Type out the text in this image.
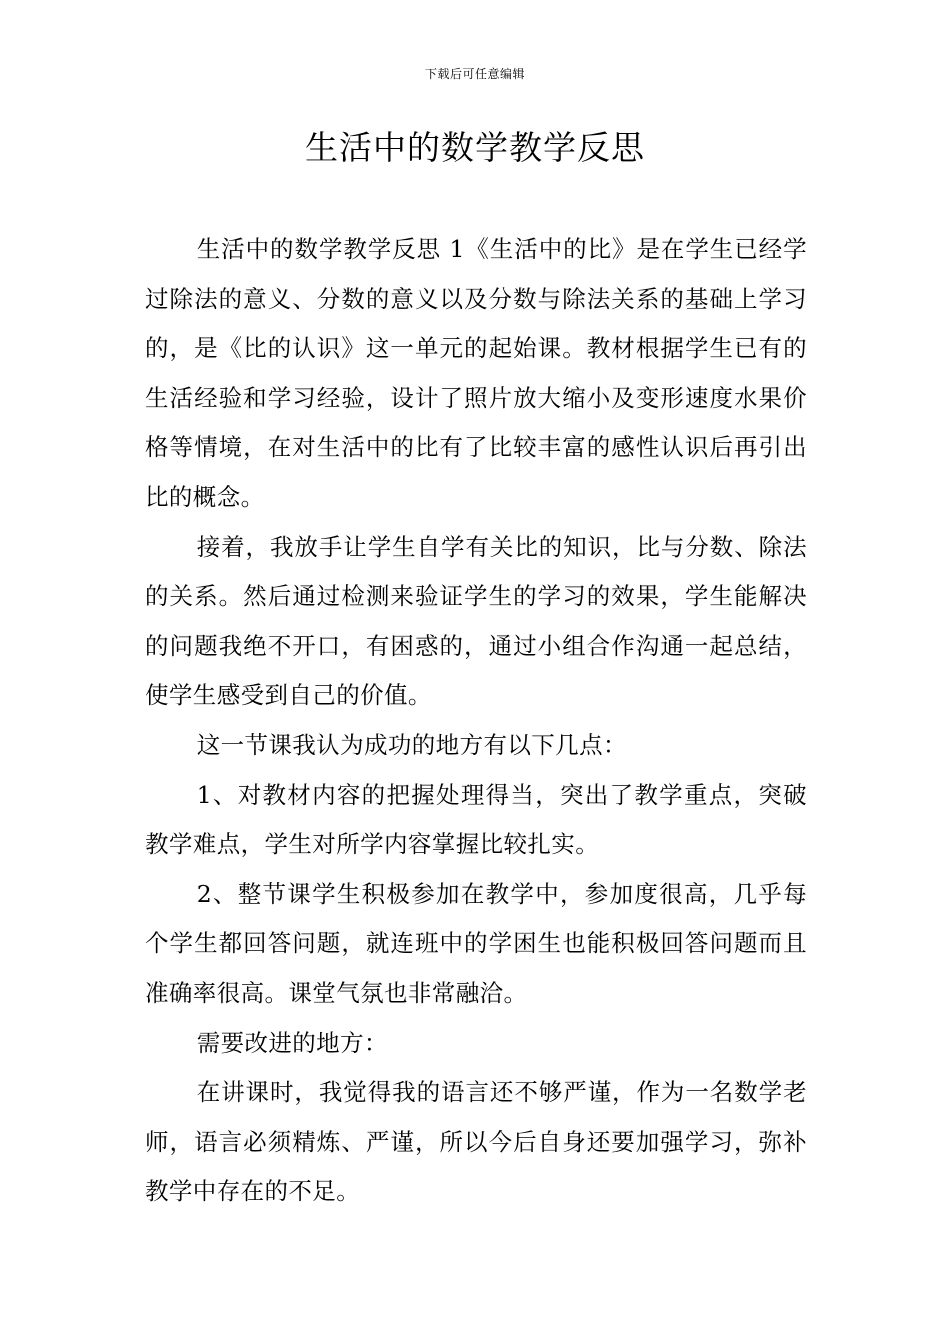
下载后可任意编辑
生活中的数学教学反思

生活中的数学教学反思 1《生活中的比》是在学生已经学过除法的意义、分数的意义以及分数与除法关系的基础上学习的，是《比的认识》这一单元的起始课。教材根据学生已有的生活经验和学习经验，设计了照片放大缩小及变形速度水果价格等情境，在对生活中的比有了比较丰富的感性认识后再引出比的概念。

接着，我放手让学生自学有关比的知识，比与分数、除法的关系。然后通过检测来验证学生的学习的效果，学生能解决的问题我绝不开口，有困惑的，通过小组合作沟通一起总结，使学生感受到自己的价值。

这一节课我认为成功的地方有以下几点：

1、对教材内容的把握处理得当，突出了教学重点，突破教学难点，学生对所学内容掌握比较扎实。

2、整节课学生积极参加在教学中，参加度很高，几乎每个学生都回答问题，就连班中的学困生也能积极回答问题而且准确率很高。课堂气氛也非常融洽。

需要改进的地方：

在讲课时，我觉得我的语言还不够严谨，作为一名数学老师，语言必须精炼、严谨，所以今后自身还要加强学习，弥补教学中存在的不足。
